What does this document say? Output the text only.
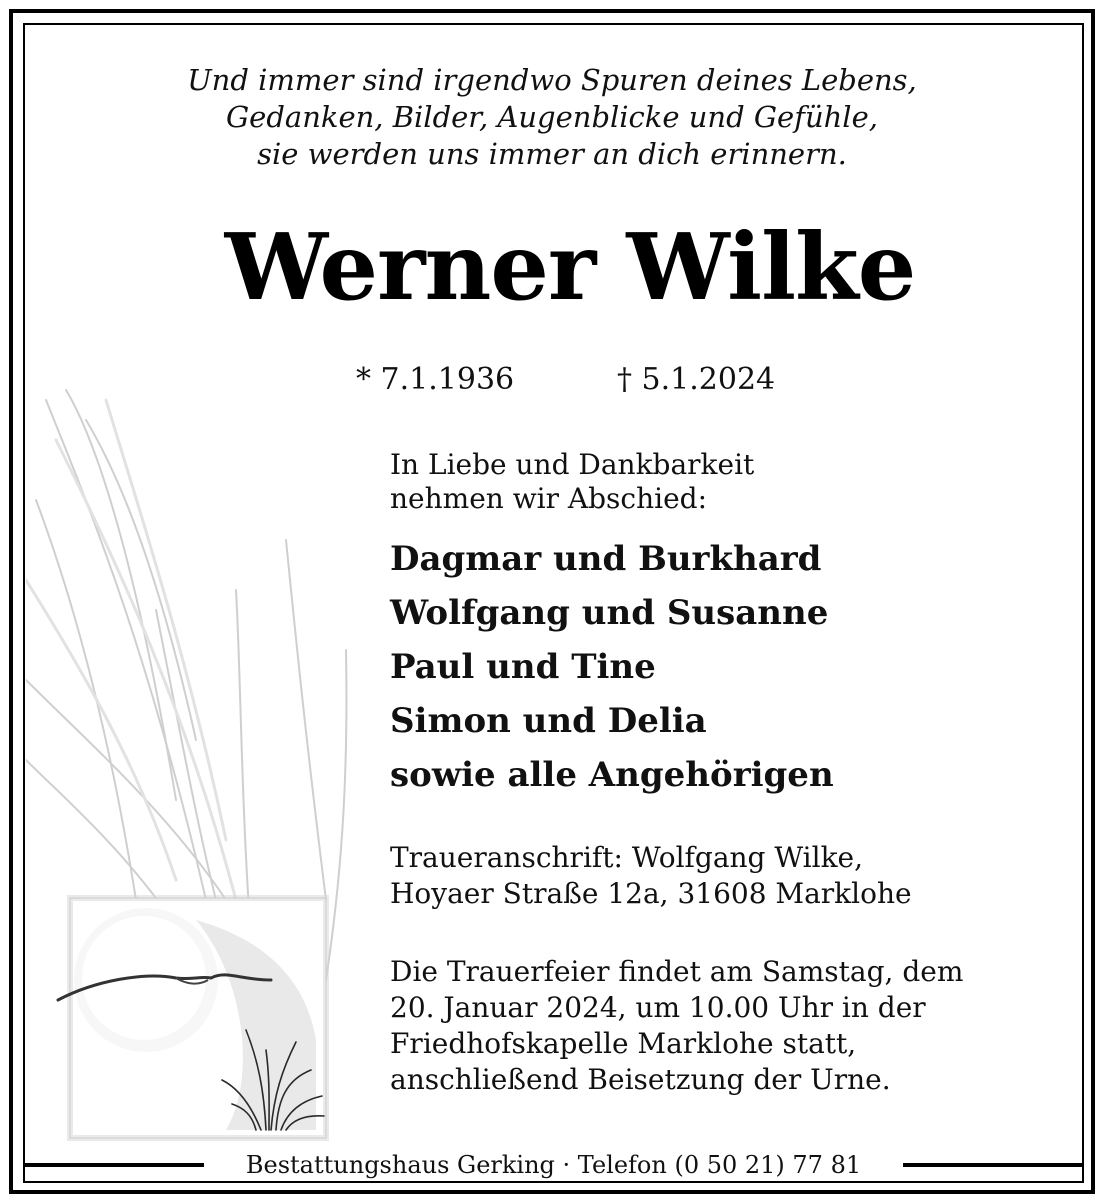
Und immer sind irgendwo Spuren deines Lebens,
Gedanken, Bilder, Augenblicke und Gefühle,
sie werden uns immer an dich erinnern.
Werner Wilke
* 7.1.1936	† 5.1.2024
In Liebe und Dankbarkeit
nehmen wir Abschied:
Dagmar und Burkhard
Wolfgang und Susanne
Paul und Tine
Simon und Delia
sowie alle Angehörigen
Traueranschrift: Wolfgang Wilke,
Hoyaer Straße 12a, 31608 Marklohe
Die Trauerfeier findet am Samstag, dem
20. Januar 2024, um 10.00 Uhr in der
Friedhofskapelle Marklohe statt,
anschließend Beisetzung der Urne.
Bestattungshaus Gerking · Telefon (0 50 21) 77 81
